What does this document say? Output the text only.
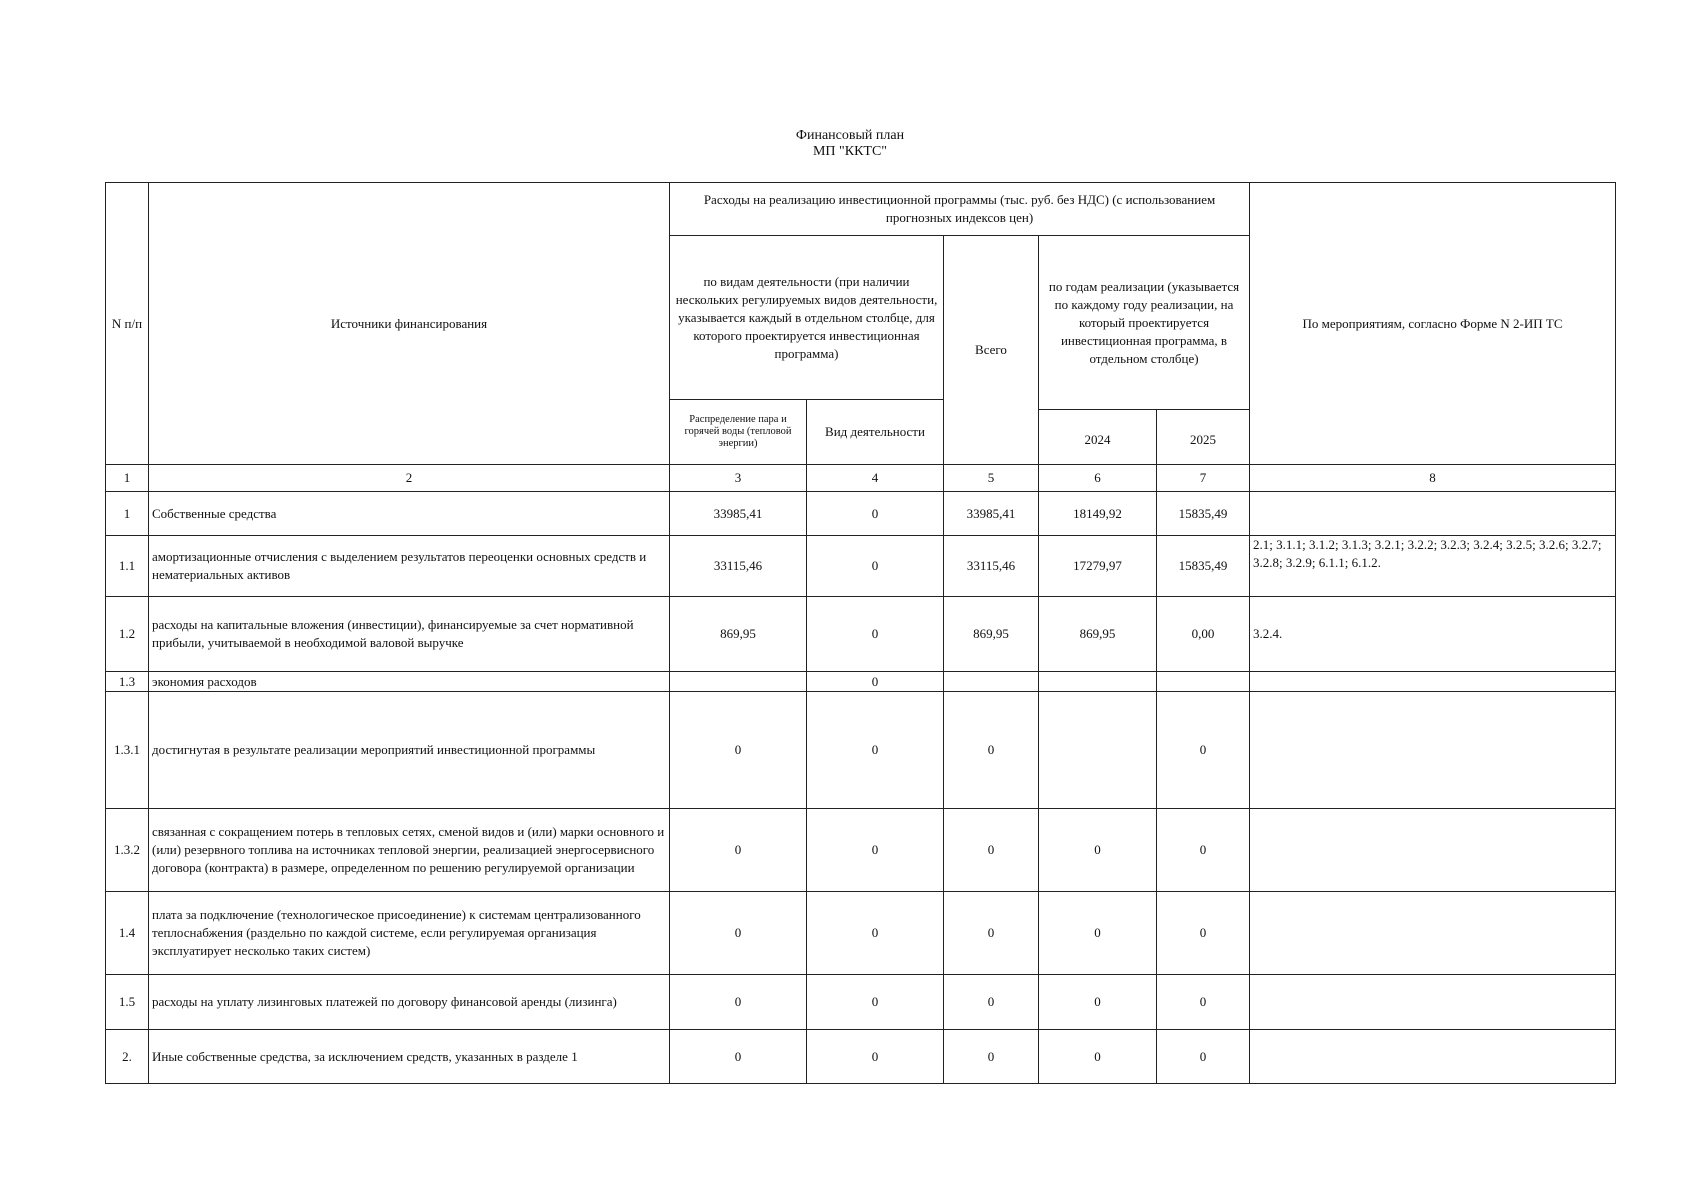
Финансовый план
МП "ККТС"
N п/п	Источники финансирования	Расходы на реализацию инвестиционной программы (тыс. руб. без НДС) (с использованием прогнозных индексов цен)					По мероприятиям, согласно Форме N 2-ИП ТС
		по видам деятельности (при наличии нескольких регулируемых видов деятельности, указывается каждый в отдельном столбце, для которого проектируется инвестиционная программа)		Всего	по годам реализации (указывается по каждому году реализации, на который проектируется инвестиционная программа, в отдельном столбце)		
		Распределение пара и горячей воды (тепловой энергии)	Вид деятельности				
					2024	2025	
1	2	3	4	5	6	7	8
1	Собственные средства	33985,41	0	33985,41	18149,92	15835,49	
1.1	амортизационные отчисления с выделением результатов переоценки основных средств и нематериальных активов	33115,46	0	33115,46	17279,97	15835,49	2.1; 3.1.1; 3.1.2; 3.1.3; 3.2.1; 3.2.2; 3.2.3; 3.2.4; 3.2.5; 3.2.6; 3.2.7; 3.2.8; 3.2.9; 6.1.1; 6.1.2.
1.2	расходы на капитальные вложения (инвестиции), финансируемые за счет нормативной прибыли, учитываемой в необходимой валовой выручке	869,95	0	869,95	869,95	0,00	3.2.4.
1.3	экономия расходов		0				
1.3.1	достигнутая в результате реализации мероприятий инвестиционной программы	0	0	0		0	
1.3.2	связанная с сокращением потерь в тепловых сетях, сменой видов и (или) марки основного и (или) резервного топлива на источниках тепловой энергии, реализацией энергосервисного договора (контракта) в размере, определенном по решению регулируемой организации	0	0	0	0	0	
1.4	плата за подключение (технологическое присоединение) к системам централизованного теплоснабжения (раздельно по каждой системе, если регулируемая организация эксплуатирует несколько таких систем)	0	0	0	0	0	
1.5	расходы на уплату лизинговых платежей по договору финансовой аренды (лизинга)	0	0	0	0	0	
2.	Иные собственные средства, за исключением средств, указанных в разделе 1	0	0	0	0	0	
